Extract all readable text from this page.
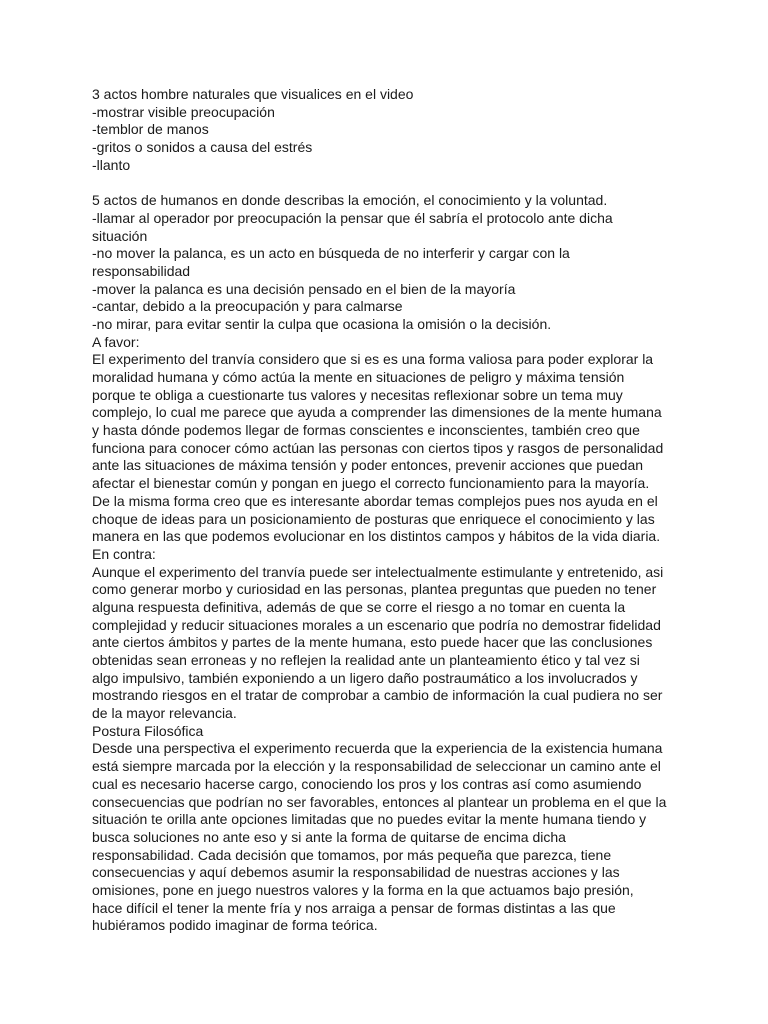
3 actos hombre naturales que visualices en el video
-mostrar visible preocupación
-temblor de manos
-gritos o sonidos a causa del estrés
-llanto
5 actos de humanos en donde describas la emoción, el conocimiento y la voluntad.
-llamar al operador por preocupación la pensar que él sabría el protocolo ante dicha
situación
-no mover la palanca, es un acto en búsqueda de no interferir y cargar con la
responsabilidad
-mover la palanca es una decisión pensado en el bien de la mayoría
-cantar, debido a la preocupación y para calmarse
-no mirar, para evitar sentir la culpa que ocasiona la omisión o la decisión.
A favor:
El experimento del tranvía considero que si es es una forma valiosa para poder explorar la
moralidad humana y cómo actúa la mente en situaciones de peligro y máxima tensión
porque te obliga a cuestionarte tus valores y necesitas reflexionar sobre un tema muy
complejo, lo cual me parece que ayuda a comprender las dimensiones de la mente humana
y hasta dónde podemos llegar de formas conscientes e inconscientes, también creo que
funciona para conocer cómo actúan las personas con ciertos tipos y rasgos de personalidad
ante las situaciones de máxima tensión y poder entonces, prevenir acciones que puedan
afectar el bienestar común y pongan en juego el correcto funcionamiento para la mayoría.
De la misma forma creo que es interesante abordar temas complejos pues nos ayuda en el
choque de ideas para un posicionamiento de posturas que enriquece el conocimiento y las
manera en las que podemos evolucionar en los distintos campos y hábitos de la vida diaria.
En contra:
Aunque el experimento del tranvía puede ser intelectualmente estimulante y entretenido, asi
como generar morbo y curiosidad en las personas, plantea preguntas que pueden no tener
alguna respuesta definitiva, además de que se corre el riesgo a no tomar en cuenta la
complejidad y reducir situaciones morales a un escenario que podría no demostrar fidelidad
ante ciertos ámbitos y partes de la mente humana, esto puede hacer que las conclusiones
obtenidas sean erroneas y no reflejen la realidad ante un planteamiento ético y tal vez si
algo impulsivo, también exponiendo a un ligero daño postraumático a los involucrados y
mostrando riesgos en el tratar de comprobar a cambio de información la cual pudiera no ser
de la mayor relevancia.
Postura Filosófica
Desde una perspectiva el experimento recuerda que la experiencia de la existencia humana
está siempre marcada por la elección y la responsabilidad de seleccionar un camino ante el
cual es necesario hacerse cargo, conociendo los pros y los contras así como asumiendo
consecuencias que podrían no ser favorables, entonces al plantear un problema en el que la
situación te orilla ante opciones limitadas que no puedes evitar la mente humana tiendo y
busca soluciones no ante eso y si ante la forma de quitarse de encima dicha
responsabilidad. Cada decisión que tomamos, por más pequeña que parezca, tiene
consecuencias y aquí debemos asumir la responsabilidad de nuestras acciones y las
omisiones, pone en juego nuestros valores y la forma en la que actuamos bajo presión,
hace difícil el tener la mente fría y nos arraiga a pensar de formas distintas a las que
hubiéramos podido imaginar de forma teórica.
